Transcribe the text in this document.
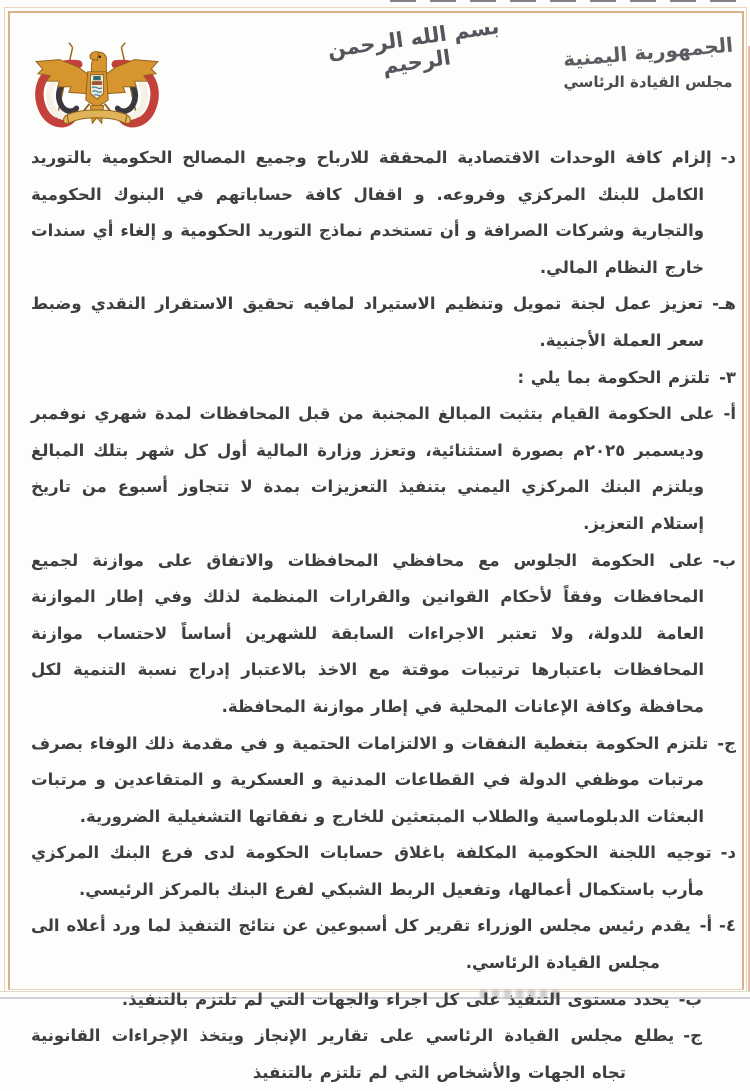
بسم الله الرحمن الرحيم	الجمهورية اليمنية
مجلس القيادة الرئاسي

د-إلزام كافة الوحدات الاقتصادية المحققة للارباح وجميع المصالح الحكومية بالتوريد الكامل للبنك المركزي وفروعه. و اقفال كافة حساباتهم في البنوك الحكومية والتجارية وشركات الصرافة و أن تستخدم نماذج التوريد الحكومية و إلغاء أي سندات خارج النظام المالي.

هـ-تعزيز عمل لجنة تمويل وتنظيم الاستيراد لمافيه تحقيق الاستقرار النقدي وضبط سعر العملة الأجنبية.

٣-تلتزم الحكومة بما يلي :

أ-على الحكومة القيام بتثبت المبالغ المجنبة من قبل المحافظات لمدة شهري نوفمبر وديسمبر ٢٠٢٥م بصورة استثنائية، وتعزز وزارة المالية أول كل شهر بتلك المبالغ ويلتزم البنك المركزي اليمني بتنفيذ التعزيزات بمدة لا تتجاوز أسبوع من تاريخ إستلام التعزيز.

ب-على الحكومة الجلوس مع محافظي المحافظات والاتفاق على موازنة لجميع المحافظات وفقاً لأحكام القوانين والقرارات المنظمة لذلك وفي إطار الموازنة العامة للدولة، ولا تعتبر الاجراءات السابقة للشهرين أساساً لاحتساب موازنة المحافظات باعتبارها ترتيبات موقتة مع الاخذ بالاعتبار إدراج نسبة التنمية لكل محافظة وكافة الإعانات المحلية في إطار موازنة المحافظة.

ج-تلتزم الحكومة بتغطية النفقات و الالتزامات الحتمية و في مقدمة ذلك الوفاء بصرف مرتبات موظفي الدولة في القطاعات المدنية و العسكرية و المتقاعدين و مرتبات البعثات الدبلوماسية والطلاب المبتعثين للخارج و نفقاتها التشغيلية الضرورية.

د-توجيه اللجنة الحكومية المكلفة باغلاق حسابات الحكومة لدى فرع البنك المركزي مأرب باستكمال أعمالها، وتفعيل الربط الشبكي لفرع البنك بالمركز الرئيسي.

٤- أ-يقدم رئيس مجلس الوزراء تقرير كل أسبوعين عن نتائج التنفيذ لما ورد أعلاه الى مجلس القيادة الرئاسي.

ب-يحدد مستوى التنفيذ على كل اجراء والجهات التي لم تلتزم بالتنفيذ.

ج-يطلع مجلس القيادة الرئاسي على تقارير الإنجاز ويتخذ الإجراءات القانونية تجاه الجهات والأشخاص التي لم تلتزم بالتنفيذ
